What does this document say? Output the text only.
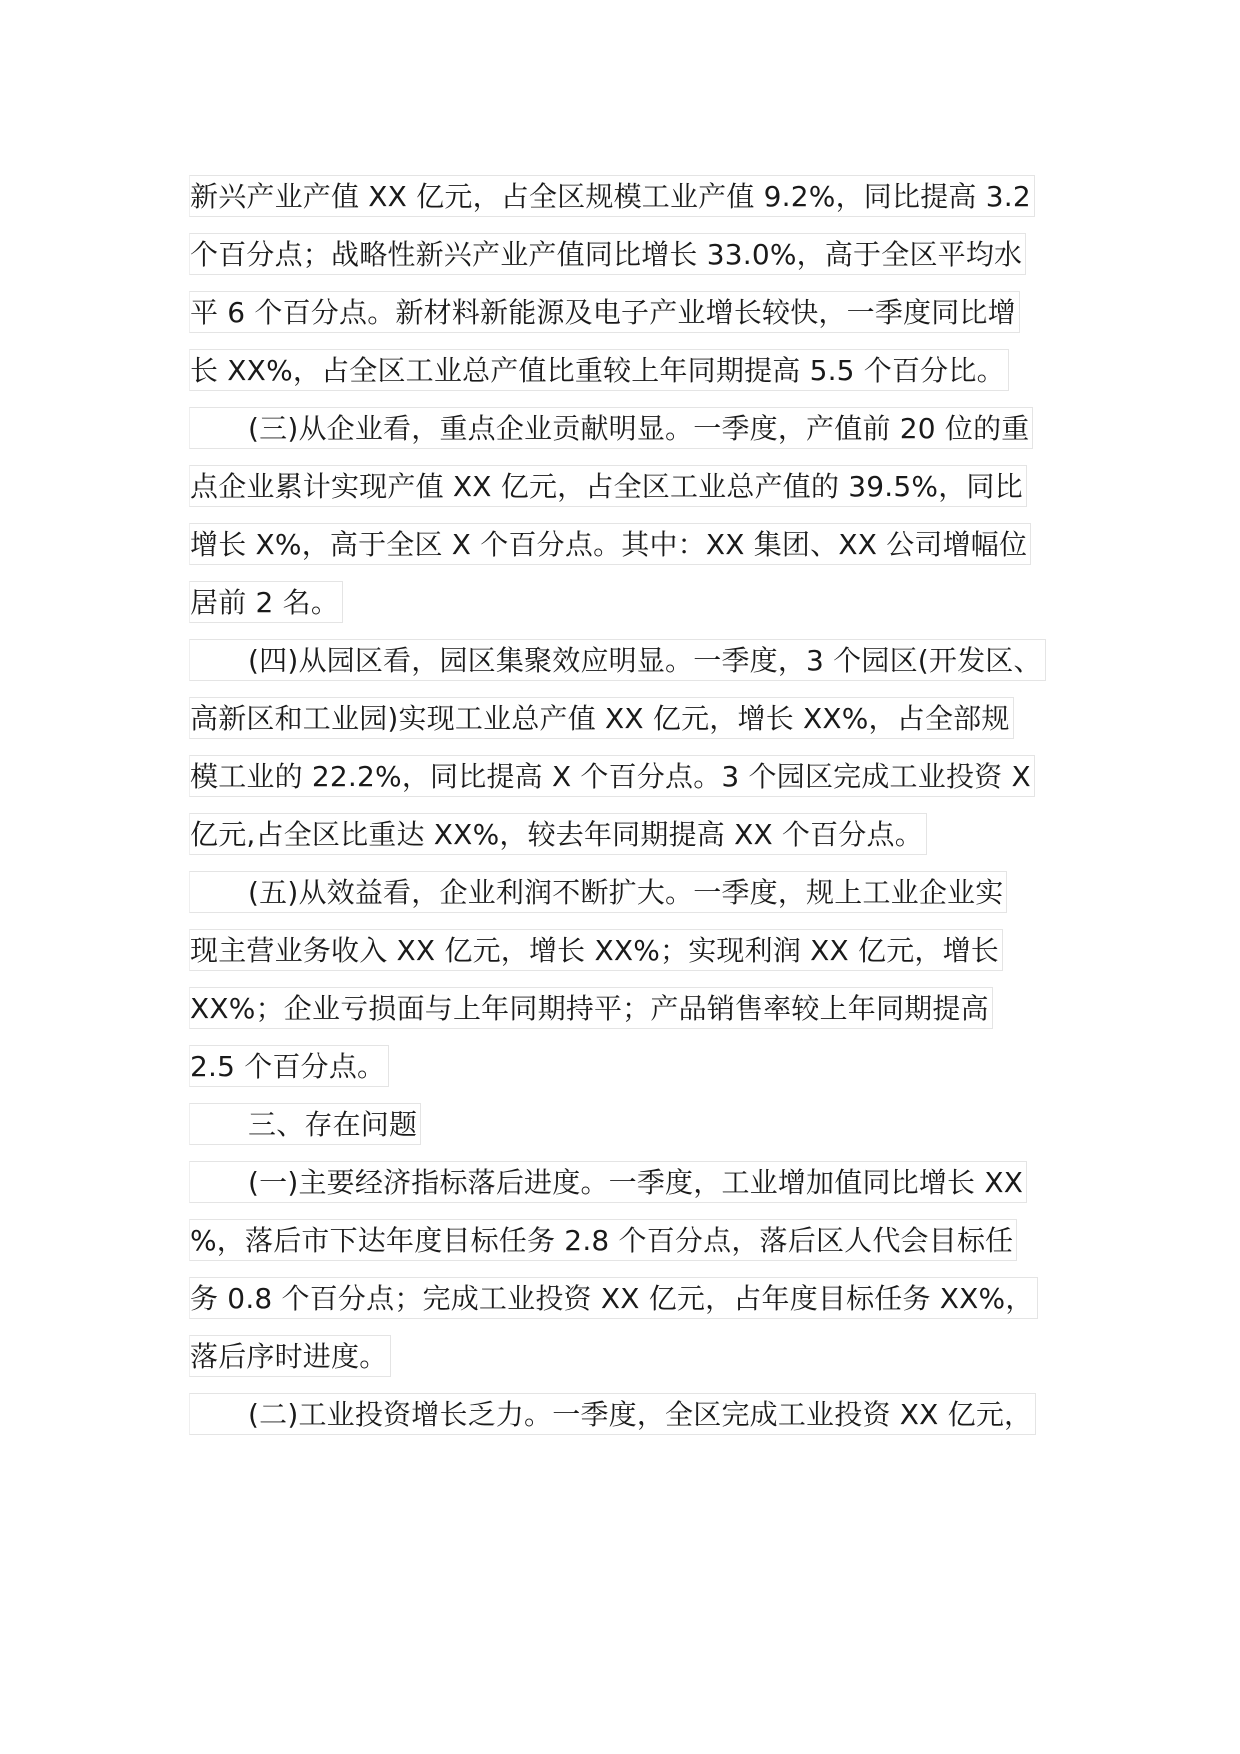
新兴产业产值 XX 亿元，占全区规模工业产值 9.2%，同比提高 3.2
个百分点；战略性新兴产业产值同比增长 33.0%，高于全区平均水
平 6 个百分点。新材料新能源及电子产业增长较快，一季度同比增
长 XX%，占全区工业总产值比重较上年同期提高 5.5 个百分比。
(三)从企业看，重点企业贡献明显。一季度，产值前 20 位的重
点企业累计实现产值 XX 亿元，占全区工业总产值的 39.5%，同比
增长 X%，高于全区 X 个百分点。其中：XX 集团、XX 公司增幅位
居前 2 名。
(四)从园区看，园区集聚效应明显。一季度，3 个园区(开发区、
高新区和工业园)实现工业总产值 XX 亿元，增长 XX%，占全部规
模工业的 22.2%，同比提高 X 个百分点。3 个园区完成工业投资 X
亿元,占全区比重达 XX%，较去年同期提高 XX 个百分点。
(五)从效益看，企业利润不断扩大。一季度，规上工业企业实
现主营业务收入 XX 亿元，增长 XX%；实现利润 XX 亿元，增长
XX%；企业亏损面与上年同期持平；产品销售率较上年同期提高
2.5 个百分点。
三、存在问题
(一)主要经济指标落后进度。一季度，工业增加值同比增长 XX
%，落后市下达年度目标任务 2.8 个百分点，落后区人代会目标任
务 0.8 个百分点；完成工业投资 XX 亿元，占年度目标任务 XX%，
落后序时进度。
(二)工业投资增长乏力。一季度，全区完成工业投资 XX 亿元，
